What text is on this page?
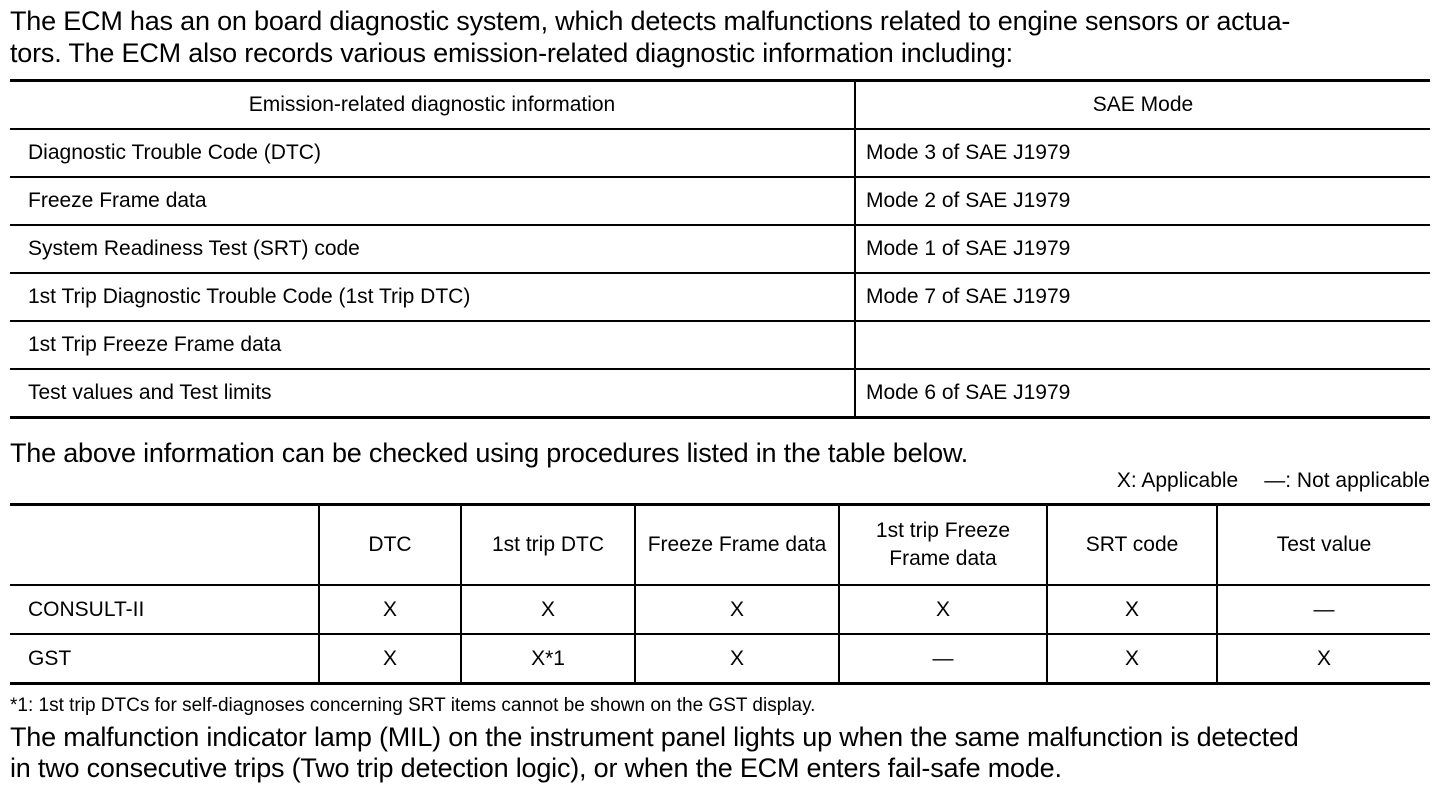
The ECM has an on board diagnostic system, which detects malfunctions related to engine sensors or actua-
tors. The ECM also records various emission-related diagnostic information including:

Emission-related diagnostic information	SAE Mode
Diagnostic Trouble Code (DTC)	Mode 3 of SAE J1979
Freeze Frame data	Mode 2 of SAE J1979
System Readiness Test (SRT) code	Mode 1 of SAE J1979
1st Trip Diagnostic Trouble Code (1st Trip DTC)	Mode 7 of SAE J1979
1st Trip Freeze Frame data	
Test values and Test limits	Mode 6 of SAE J1979

The above information can be checked using procedures listed in the table below.

X: Applicable —: Not applicable
	DTC	1st trip DTC	Freeze Frame data	1st trip Freeze Frame data	SRT code	Test value
CONSULT-II	X	X	X	X	X	—
GST	X	X*1	X	—	X	X

*1: 1st trip DTCs for self-diagnoses concerning SRT items cannot be shown on the GST display.

The malfunction indicator lamp (MIL) on the instrument panel lights up when the same malfunction is detected
in two consecutive trips (Two trip detection logic), or when the ECM enters fail-safe mode.
